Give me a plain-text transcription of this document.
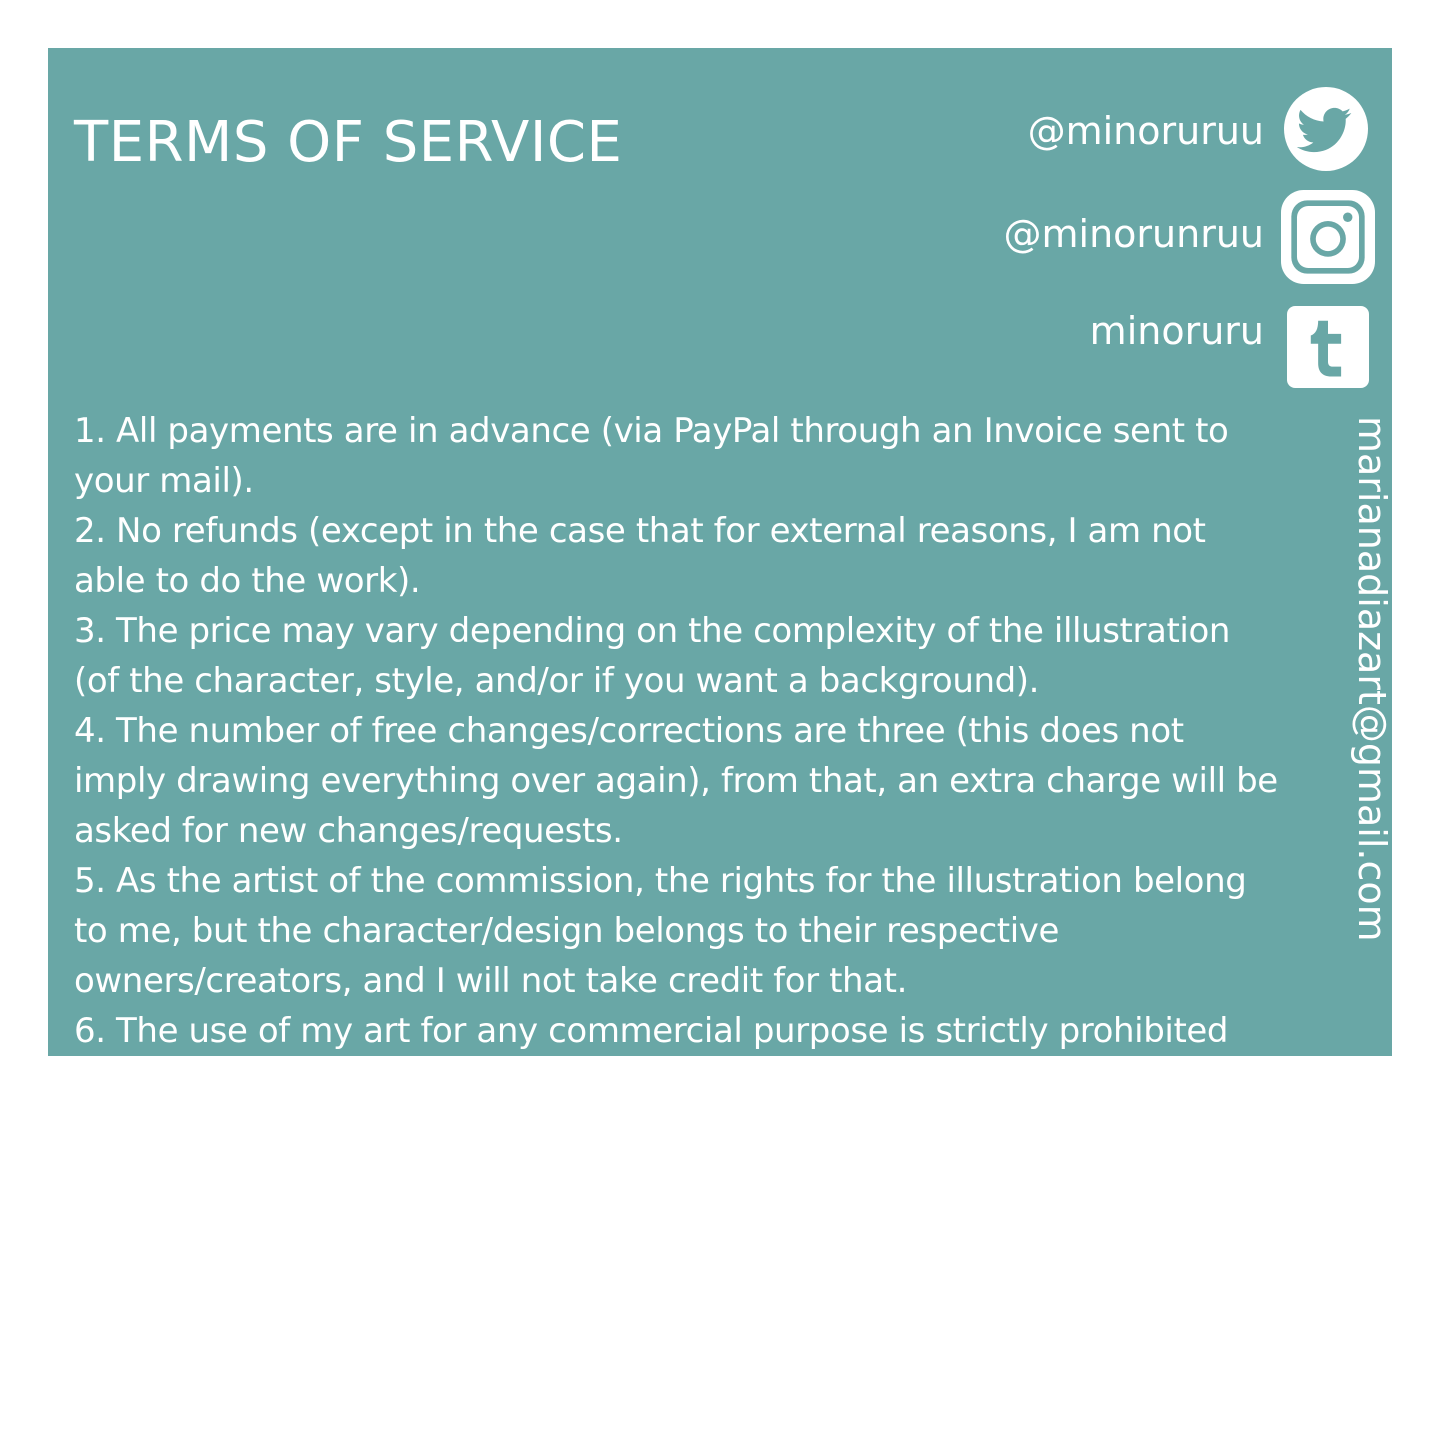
TERMS OF SERVICE	@minoruruu
@minorunruu
minoruru

marianadiazart@gmail.com

1. All payments are in advance (via PayPal through an Invoice sent to your mail).
2. No refunds (except in the case that for external reasons, I am not able to do the work).
3. The price may vary depending on the complexity of the illustration (of the character, style, and/or if you want a background).
4. The number of free changes/corrections are three (this does not imply drawing everything over again), from that, an extra charge will be asked for new changes/requests.
5. As the artist of the commission, the rights for the illustration belong to me, but the character/design belongs to their respective owners/creators, and I will not take credit for that.
6. The use of my art for any commercial purpose is strictly prohibited (NFT's, merchandise, or any type of project from which you could profit monetarily). Ask for commercial use/Distribution Rights fees.
7. The use of my art for any AI training or feeding/AI, or any Generative AI related stuff is strictly prohibited.
